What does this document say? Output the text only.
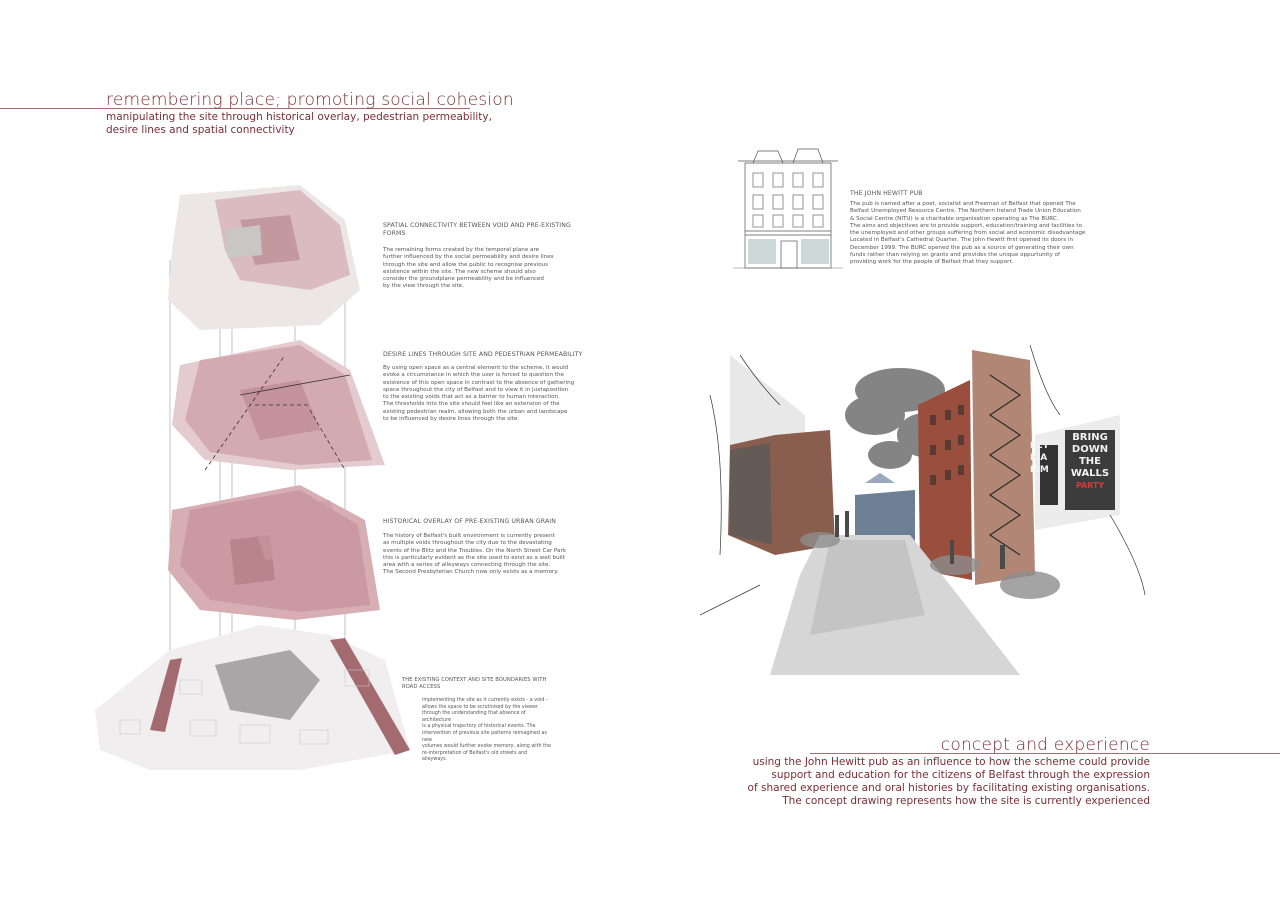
remembering place; promoting social cohesion
manipulating the site through historical overlay, pedestrian permeability,
desire lines and spatial connectivity
SPATIAL CONNECTIVITY BETWEEN VOID AND PRE-EXISTING FORMS
The remaining forms created by the temporal plane are
further influenced by the social permeability and desire lines
through the site and allow the public to recognise previous
existence within the site. The new scheme should also
consider the groundplane permeability and be influenced
by the view through the site.
DESIRE LINES THROUGH SITE AND PEDESTRIAN PERMEABILITY
By using open space as a central element to the scheme, it would
evoke a circumstance in which the user is forced to question the
existence of this open space in contrast to the absence of gathering
space throughout the city of Belfast and to view it in juxtaposition
to the existing voids that act as a barrier to human interaction.
The thresholds into the site should feel like an extension of the
existing pedestrian realm, allowing both the urban and landscape
to be influenced by desire lines through the site.
HISTORICAL OVERLAY OF PRE-EXISTING URBAN GRAIN
The history of Belfast's built environment is currently present
as multiple voids throughout the city due to the devastating
events of the Blitz and the Troubles. On the North Street Car Park
this is particularly evident as the site used to exist as a well built
area with a series of alleyways connecting through the site.
The Second Presbyterian Church now only exists as a memory.
THE EXISTING CONTEXT AND SITE BOUNDARIES WITH ROAD ACCESS
implementing the site as it currently exists - a void -
allows the space to be scrutinised by the viewer
through the understanding that absence of architecture
is a physical trajectory of historical events. The
intervention of previous site patterns reimagined as new
volumes would further evoke memory, along with the
re-interpretation of Belfast's old streets and alleyways.
THE JOHN HEWITT PUB
The pub is named after a poet, socialist and Freeman of Belfast that opened The
Belfast Unemployed Resource Centre. The Northern Ireland Trade Union Education
& Social Centre (NITU) is a charitable organisation operating as The BURC.
The aims and objectives are to provide support, education/training and facilities to
the unemployed and other groups suffering from social and economic disadvantage
Located in Belfast's Cathedral Quarter, The John Hewitt first opened its doors in
December 1999. The BURC opened the pub as a source of generating their own
funds rather than relying on grants and provides the unique oppurtunity of
providing work for the people of Belfast that they support.
ECT
RIA
ISM
BRING
DOWN
THE
WALLS
PARTY
concept and experience
using the John Hewitt pub as an influence to how the scheme could provide
support and education for the citizens of Belfast through the expression
of shared experience and oral histories by facilitating existing organisations.
The concept drawing represents how the site is currently experienced
